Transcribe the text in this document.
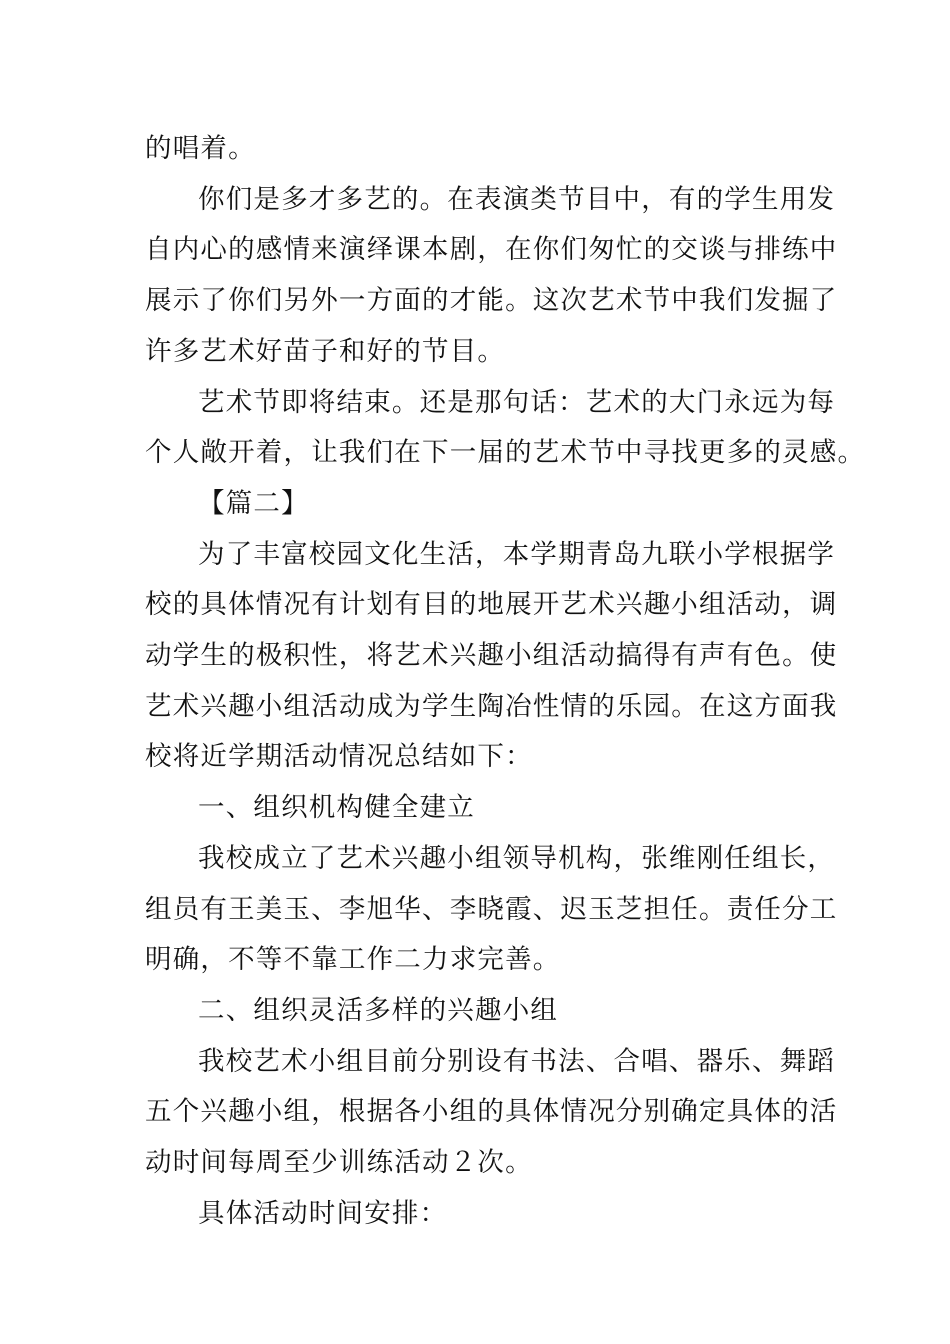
的唱着。
你们是多才多艺的。在表演类节目中，有的学生用发
自内心的感情来演绎课本剧，在你们匆忙的交谈与排练中
展示了你们另外一方面的才能。这次艺术节中我们发掘了
许多艺术好苗子和好的节目。
艺术节即将结束。还是那句话：艺术的大门永远为每
个人敞开着，让我们在下一届的艺术节中寻找更多的灵感。
【篇二】
为了丰富校园文化生活，本学期青岛九联小学根据学
校的具体情况有计划有目的地展开艺术兴趣小组活动，调
动学生的极积性，将艺术兴趣小组活动搞得有声有色。使
艺术兴趣小组活动成为学生陶冶性情的乐园。在这方面我
校将近学期活动情况总结如下：
一、组织机构健全建立
我校成立了艺术兴趣小组领导机构，张维刚任组长，
组员有王美玉、李旭华、李晓霞、迟玉芝担任。责任分工
明确，不等不靠工作二力求完善。
二、组织灵活多样的兴趣小组
我校艺术小组目前分别设有书法、合唱、器乐、舞蹈
五个兴趣小组，根据各小组的具体情况分别确定具体的活
动时间每周至少训练活动２次。
具体活动时间安排：
